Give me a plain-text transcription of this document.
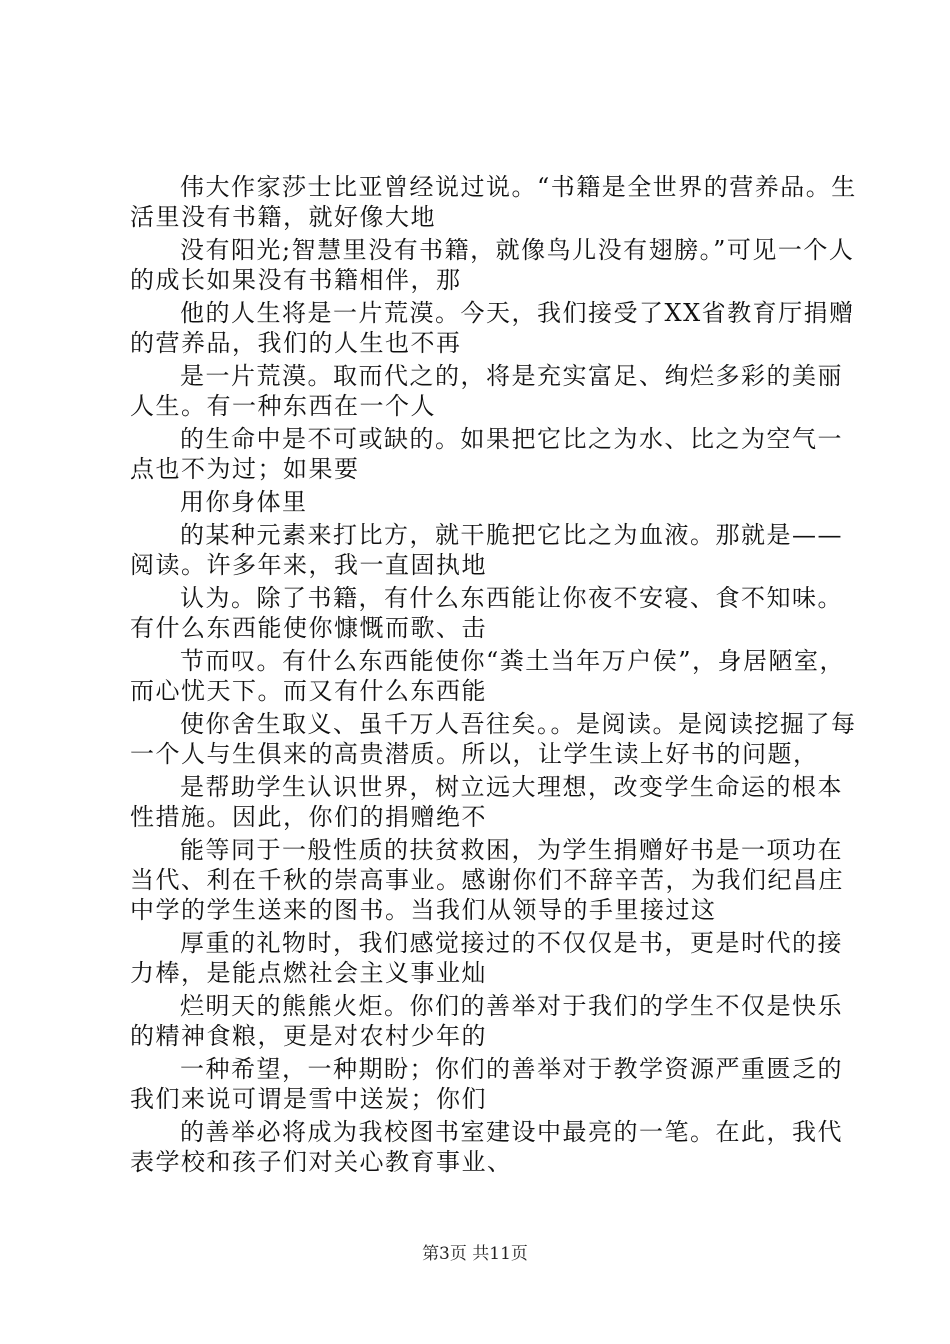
伟大作家莎士比亚曾经说过说。“书籍是全世界的营养品。生活里没有书籍，就好像大地

没有阳光;智慧里没有书籍，就像鸟儿没有翅膀。”可见一个人的成长如果没有书籍相伴，那

他的人生将是一片荒漠。今天，我们接受了XX省教育厅捐赠的营养品，我们的人生也不再

是一片荒漠。取而代之的，将是充实富足、绚烂多彩的美丽人生。有一种东西在一个人

的生命中是不可或缺的。如果把它比之为水、比之为空气一点也不为过；如果要

用你身体里

的某种元素来打比方，就干脆把它比之为血液。那就是——阅读。许多年来，我一直固执地

认为。除了书籍，有什么东西能让你夜不安寝、食不知味。有什么东西能使你慷慨而歌、击

节而叹。有什么东西能使你“粪土当年万户侯”，身居陋室，而心忧天下。而又有什么东西能

使你舍生取义、虽千万人吾往矣。。是阅读。是阅读挖掘了每一个人与生俱来的高贵潜质。所以，让学生读上好书的问题，

是帮助学生认识世界，树立远大理想，改变学生命运的根本性措施。因此，你们的捐赠绝不

能等同于一般性质的扶贫救困，为学生捐赠好书是一项功在当代、利在千秋的崇高事业。感谢你们不辞辛苦，为我们纪昌庄中学的学生送来的图书。当我们从领导的手里接过这

厚重的礼物时，我们感觉接过的不仅仅是书，更是时代的接力棒，是能点燃社会主义事业灿

烂明天的熊熊火炬。你们的善举对于我们的学生不仅是快乐的精神食粮，更是对农村少年的

一种希望，一种期盼；你们的善举对于教学资源严重匮乏的我们来说可谓是雪中送炭；你们

的善举必将成为我校图书室建设中最亮的一笔。在此，我代表学校和孩子们对关心教育事业、

第3页 共11页
